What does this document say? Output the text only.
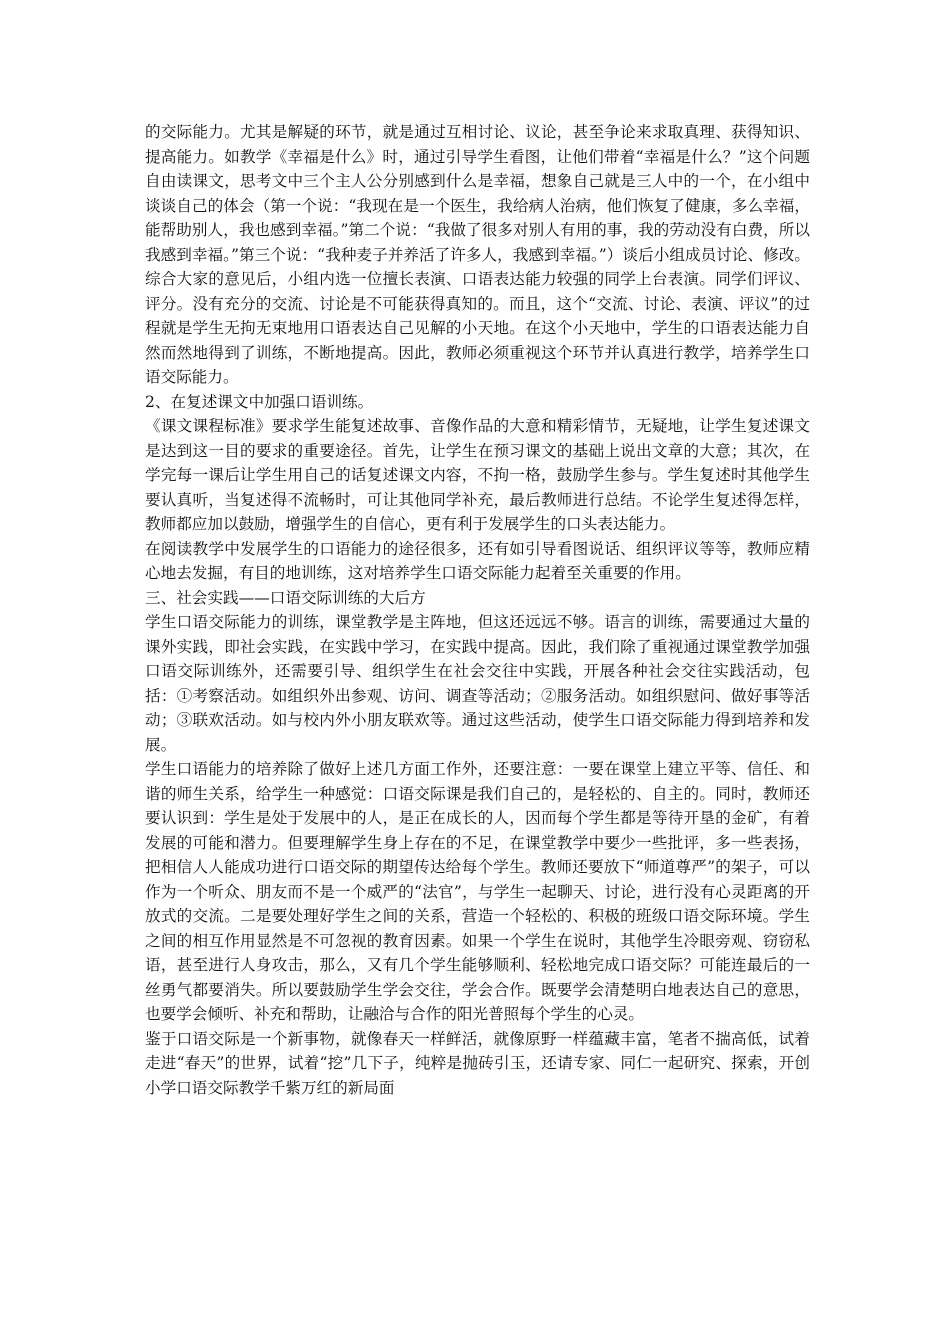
的交际能力。尤其是解疑的环节，就是通过互相讨论、议论，甚至争论来求取真理、获得知识、提高能力。如教学《幸福是什么》时，通过引导学生看图，让他们带着“幸福是什么？”这个问题自由读课文，思考文中三个主人公分别感到什么是幸福，想象自己就是三人中的一个，在小组中谈谈自己的体会（第一个说：“我现在是一个医生，我给病人治病，他们恢复了健康，多么幸福，能帮助别人，我也感到幸福。”第二个说：“我做了很多对别人有用的事，我的劳动没有白费，所以我感到幸福。”第三个说：“我种麦子并养活了许多人，我感到幸福。”）谈后小组成员讨论、修改。综合大家的意见后，小组内选一位擅长表演、口语表达能力较强的同学上台表演。同学们评议、评分。没有充分的交流、讨论是不可能获得真知的。而且，这个“交流、讨论、表演、评议”的过程就是学生无拘无束地用口语表达自己见解的小天地。在这个小天地中，学生的口语表达能力自然而然地得到了训练，不断地提高。因此，教师必须重视这个环节并认真进行教学，培养学生口语交际能力。

2、在复述课文中加强口语训练。

《课文课程标准》要求学生能复述故事、音像作品的大意和精彩情节，无疑地，让学生复述课文是达到这一目的要求的重要途径。首先，让学生在预习课文的基础上说出文章的大意；其次，在学完每一课后让学生用自己的话复述课文内容，不拘一格，鼓励学生参与。学生复述时其他学生要认真听，当复述得不流畅时，可让其他同学补充，最后教师进行总结。不论学生复述得怎样，教师都应加以鼓励，增强学生的自信心，更有利于发展学生的口头表达能力。

在阅读教学中发展学生的口语能力的途径很多，还有如引导看图说话、组织评议等等，教师应精心地去发掘，有目的地训练，这对培养学生口语交际能力起着至关重要的作用。

三、社会实践——口语交际训练的大后方

学生口语交际能力的训练，课堂教学是主阵地，但这还远远不够。语言的训练，需要通过大量的课外实践，即社会实践，在实践中学习，在实践中提高。因此，我们除了重视通过课堂教学加强口语交际训练外，还需要引导、组织学生在社会交往中实践，开展各种社会交往实践活动，包括：①考察活动。如组织外出参观、访问、调查等活动；②服务活动。如组织慰问、做好事等活动；③联欢活动。如与校内外小朋友联欢等。通过这些活动，使学生口语交际能力得到培养和发展。

学生口语能力的培养除了做好上述几方面工作外，还要注意：一要在课堂上建立平等、信任、和谐的师生关系，给学生一种感觉：口语交际课是我们自己的，是轻松的、自主的。同时，教师还要认识到：学生是处于发展中的人，是正在成长的人，因而每个学生都是等待开垦的金矿，有着发展的可能和潜力。但要理解学生身上存在的不足，在课堂教学中要少一些批评，多一些表扬，把相信人人能成功进行口语交际的期望传达给每个学生。教师还要放下“师道尊严”的架子，可以作为一个听众、朋友而不是一个威严的“法官”，与学生一起聊天、讨论，进行没有心灵距离的开放式的交流。二是要处理好学生之间的关系，营造一个轻松的、积极的班级口语交际环境。学生之间的相互作用显然是不可忽视的教育因素。如果一个学生在说时，其他学生冷眼旁观、窃窃私语，甚至进行人身攻击，那么，又有几个学生能够顺利、轻松地完成口语交际？可能连最后的一丝勇气都要消失。所以要鼓励学生学会交往，学会合作。既要学会清楚明白地表达自己的意思，也要学会倾听、补充和帮助，让融洽与合作的阳光普照每个学生的心灵。

鉴于口语交际是一个新事物，就像春天一样鲜活，就像原野一样蕴藏丰富，笔者不揣高低，试着走进“春天”的世界，试着“挖”几下子，纯粹是抛砖引玉，还请专家、同仁一起研究、探索，开创小学口语交际教学千紫万红的新局面
